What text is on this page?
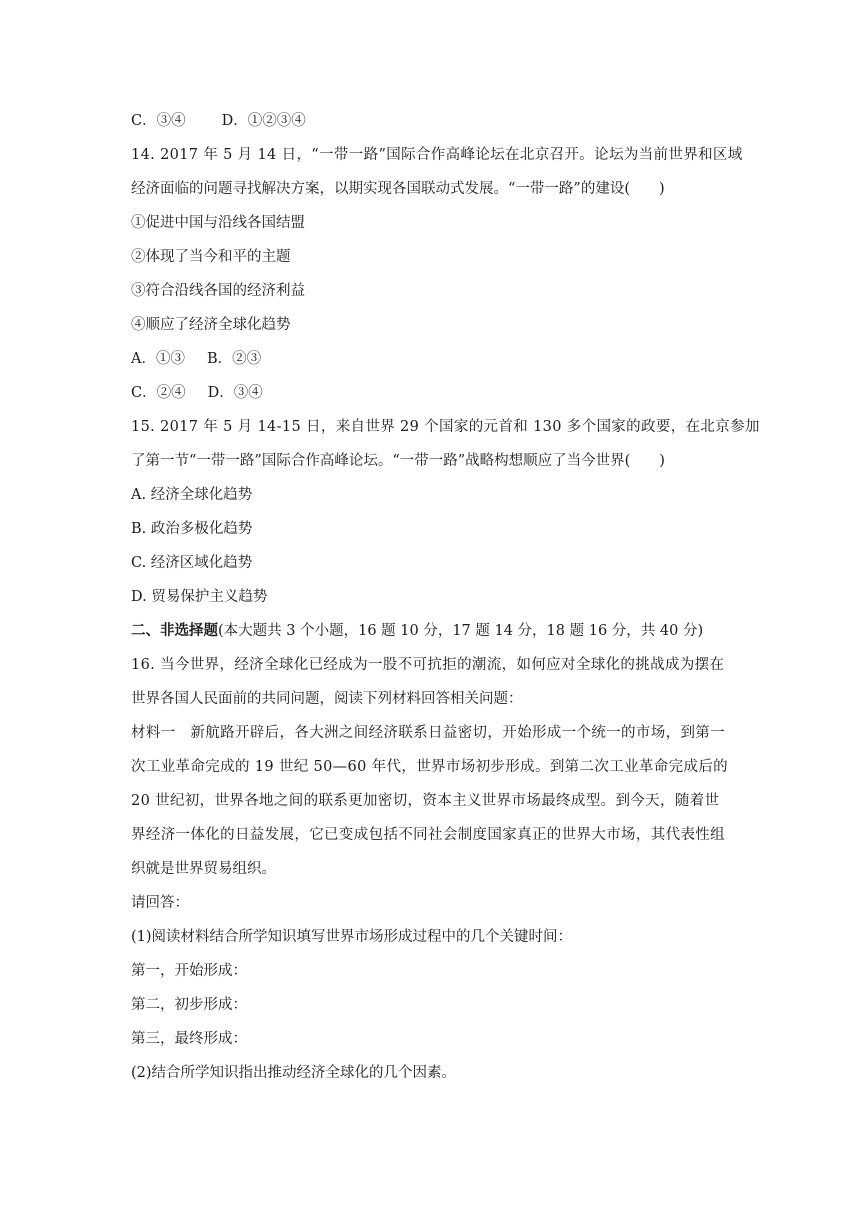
C．③④ D．①②③④
14. 2017 年 5 月 14 日，“一带一路”国际合作高峰论坛在北京召开。论坛为当前世界和区域
经济面临的问题寻找解决方案，以期实现各国联动式发展。“一带一路”的建设(　　)
①促进中国与沿线各国结盟
②体现了当今和平的主题
③符合沿线各国的经济利益
④顺应了经济全球化趋势
A．①③ B．②③
C．②④ D．③④
15. 2017 年 5 月 14-15 日，来自世界 29 个国家的元首和 130 多个国家的政要，在北京参加
了第一节“一带一路”国际合作高峰论坛。“一带一路”战略构想顺应了当今世界(　　)
A. 经济全球化趋势
B. 政治多极化趋势
C. 经济区域化趋势
D. 贸易保护主义趋势
二、非选择题(本大题共 3 个小题，16 题 10 分，17 题 14 分，18 题 16 分，共 40 分)
16. 当今世界，经济全球化已经成为一股不可抗拒的潮流，如何应对全球化的挑战成为摆在
世界各国人民面前的共同问题，阅读下列材料回答相关问题：
材料一　新航路开辟后，各大洲之间经济联系日益密切，开始形成一个统一的市场，到第一
次工业革命完成的 19 世纪 50—60 年代，世界市场初步形成。到第二次工业革命完成后的
20 世纪初，世界各地之间的联系更加密切，资本主义世界市场最终成型。到今天，随着世
界经济一体化的日益发展，它已变成包括不同社会制度国家真正的世界大市场，其代表性组
织就是世界贸易组织。
请回答：
(1)阅读材料结合所学知识填写世界市场形成过程中的几个关键时间：
第一，开始形成：
第二，初步形成：
第三，最终形成：
(2)结合所学知识指出推动经济全球化的几个因素。
